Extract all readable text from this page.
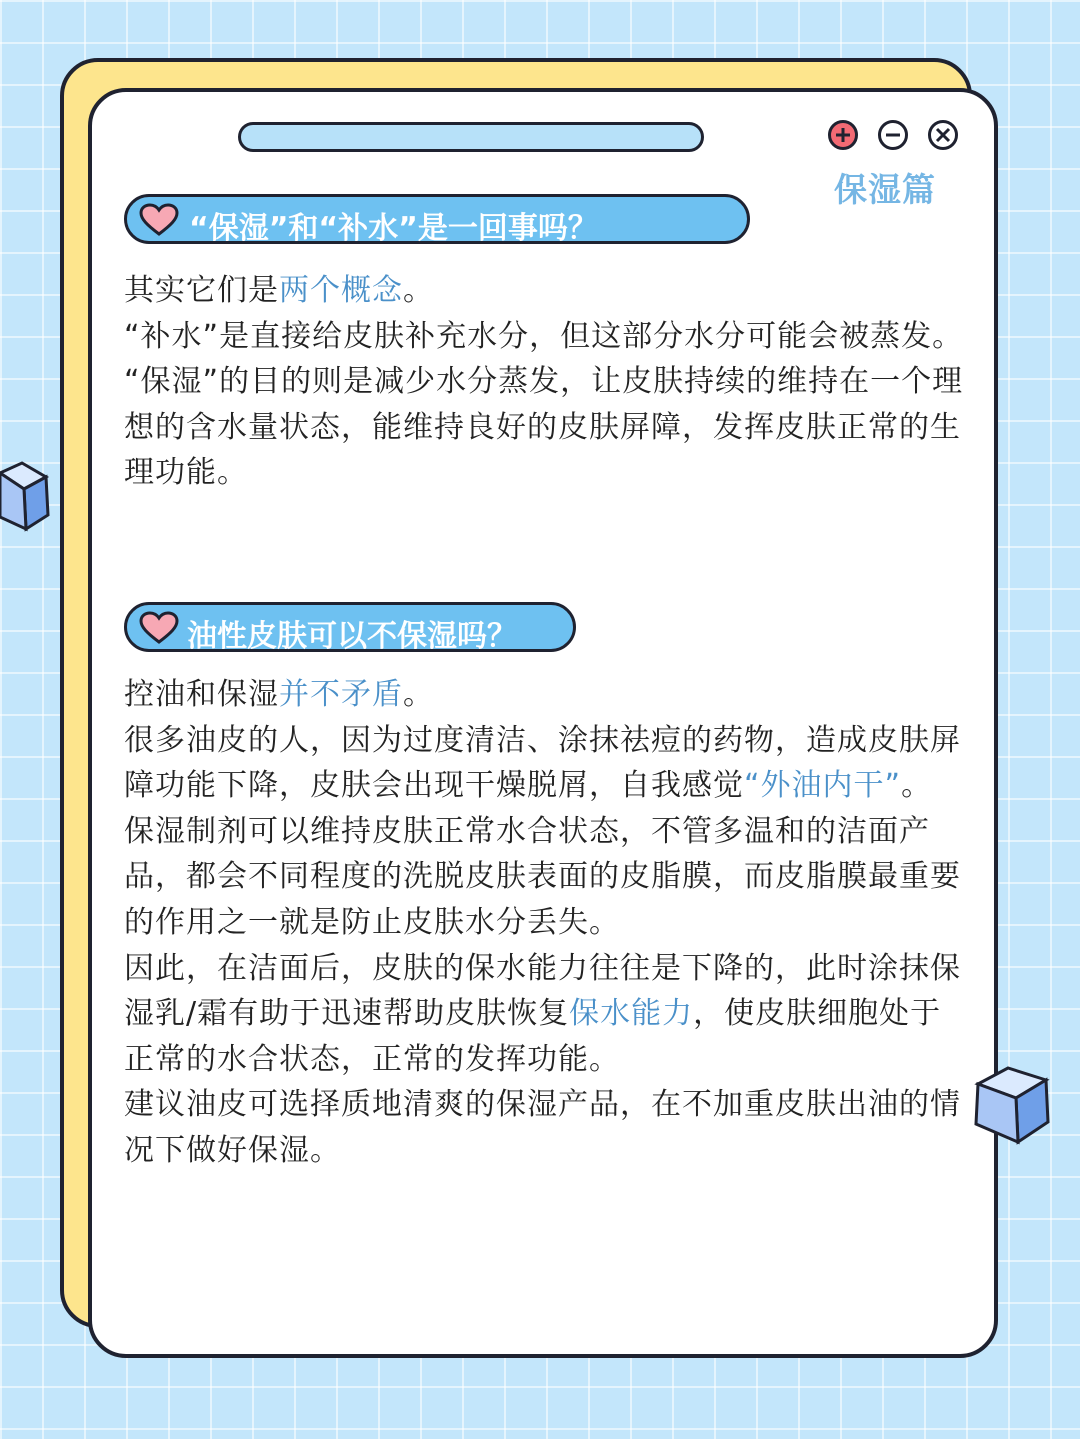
保湿篇
“保湿”和“补水”是一回事吗？

其实它们是两个概念。

“补水”是直接给皮肤补充水分，但这部分水分可能会被蒸发。

“保湿”的目的则是减少水分蒸发，让皮肤持续的维持在一个理想的含水量状态，能维持良好的皮肤屏障，发挥皮肤正常的生理功能。

油性皮肤可以不保湿吗？

控油和保湿并不矛盾。

很多油皮的人，因为过度清洁、涂抹祛痘的药物，造成皮肤屏障功能下降，皮肤会出现干燥脱屑，自我感觉“外油内干”。

保湿制剂可以维持皮肤正常水合状态，不管多温和的洁面产品，都会不同程度的洗脱皮肤表面的皮脂膜，而皮脂膜最重要的作用之一就是防止皮肤水分丢失。

因此，在洁面后，皮肤的保水能力往往是下降的，此时涂抹保湿乳/霜有助于迅速帮助皮肤恢复保水能力，使皮肤细胞处于正常的水合状态，正常的发挥功能。

建议油皮可选择质地清爽的保湿产品，在不加重皮肤出油的情况下做好保湿。
